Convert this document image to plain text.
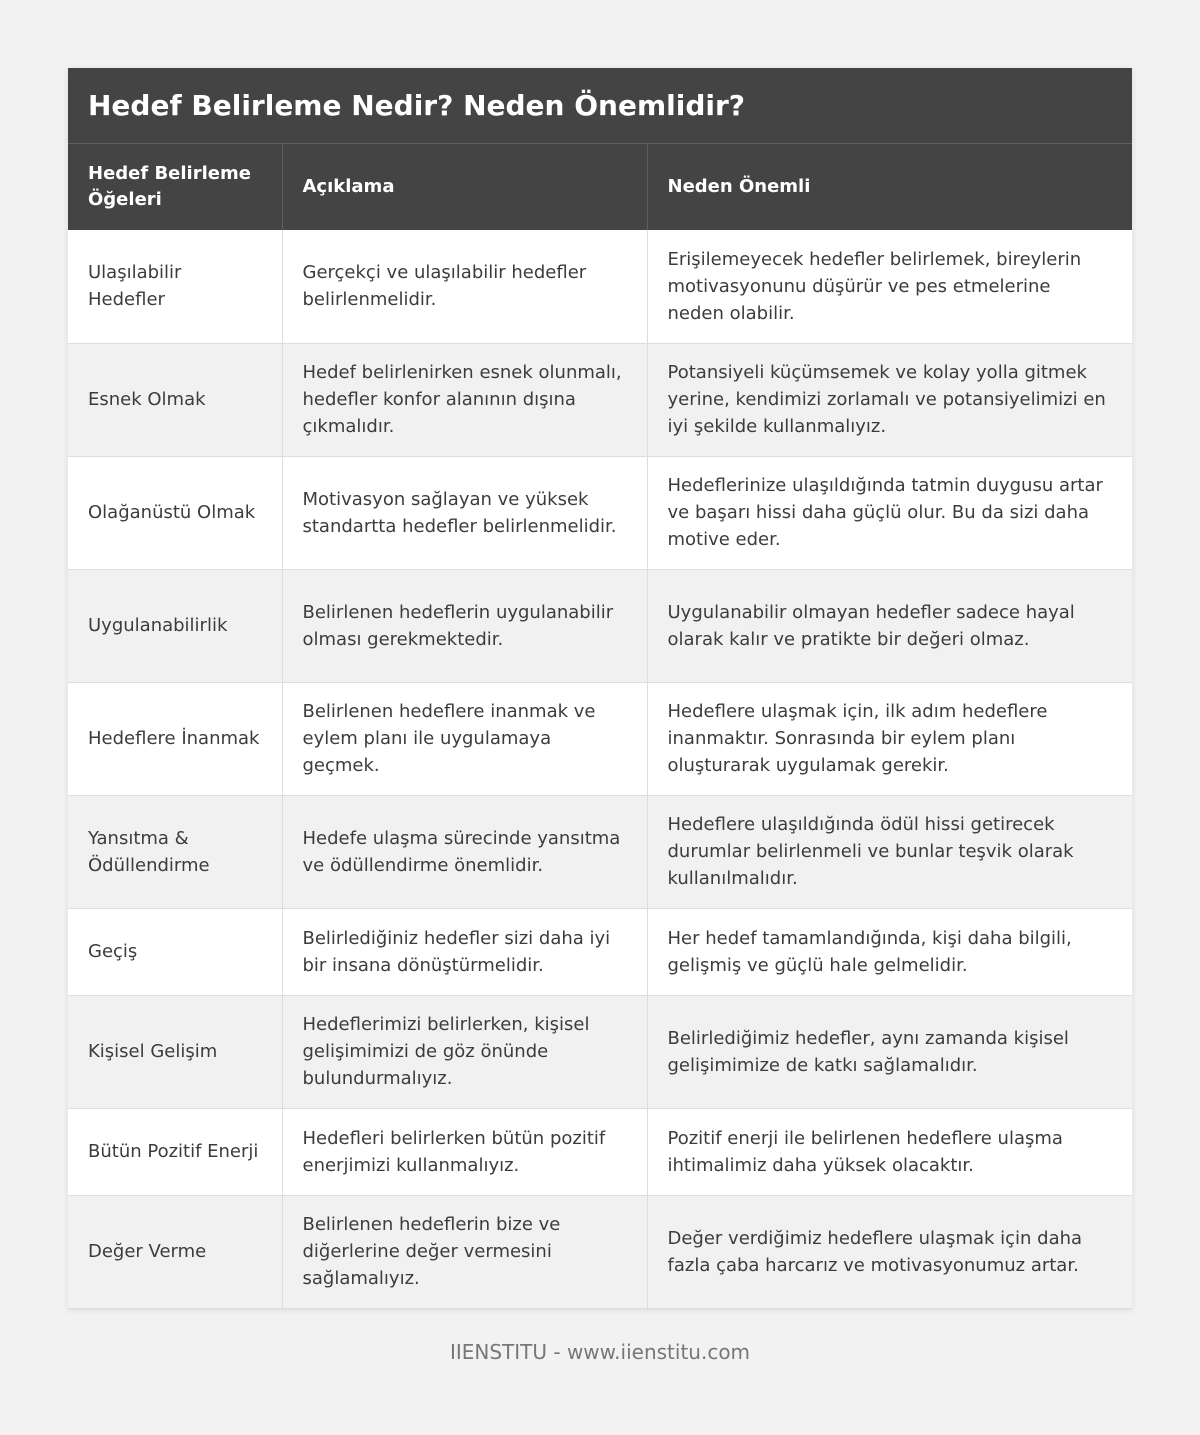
Hedef Belirleme Nedir? Neden Önemlidir?
Hedef Belirleme Öğeleri	Açıklama	Neden Önemli
Ulaşılabilir Hedefler	Gerçekçi ve ulaşılabilir hedefler belirlenmelidir.	Erişilemeyecek hedefler belirlemek, bireylerin motivasyonunu düşürür ve pes etmelerine neden olabilir.
Esnek Olmak	Hedef belirlenirken esnek olunmalı, hedefler konfor alanının dışına çıkmalıdır.	Potansiyeli küçümsemek ve kolay yolla gitmek yerine, kendimizi zorlamalı ve potansiyelimizi en iyi şekilde kullanmalıyız.
Olağanüstü Olmak	Motivasyon sağlayan ve yüksek standartta hedefler belirlenmelidir.	Hedeflerinize ulaşıldığında tatmin duygusu artar ve başarı hissi daha güçlü olur. Bu da sizi daha motive eder.
Uygulanabilirlik	Belirlenen hedeflerin uygulanabilir olması gerekmektedir.	Uygulanabilir olmayan hedefler sadece hayal olarak kalır ve pratikte bir değeri olmaz.
Hedeflere İnanmak	Belirlenen hedeflere inanmak ve eylem planı ile uygulamaya geçmek.	Hedeflere ulaşmak için, ilk adım hedeflere inanmaktır. Sonrasında bir eylem planı oluşturarak uygulamak gerekir.
Yansıtma & Ödüllendirme	Hedefe ulaşma sürecinde yansıtma ve ödüllendirme önemlidir.	Hedeflere ulaşıldığında ödül hissi getirecek durumlar belirlenmeli ve bunlar teşvik olarak kullanılmalıdır.
Geçiş	Belirlediğiniz hedefler sizi daha iyi bir insana dönüştürmelidir.	Her hedef tamamlandığında, kişi daha bilgili, gelişmiş ve güçlü hale gelmelidir.
Kişisel Gelişim	Hedeflerimizi belirlerken, kişisel gelişimimizi de göz önünde bulundurmalıyız.	Belirlediğimiz hedefler, aynı zamanda kişisel gelişimimize de katkı sağlamalıdır.
Bütün Pozitif Enerji	Hedefleri belirlerken bütün pozitif enerjimizi kullanmalıyız.	Pozitif enerji ile belirlenen hedeflere ulaşma ihtimalimiz daha yüksek olacaktır.
Değer Verme	Belirlenen hedeflerin bize ve diğerlerine değer vermesini sağlamalıyız.	Değer verdiğimiz hedeflere ulaşmak için daha fazla çaba harcarız ve motivasyonumuz artar.
IIENSTITU - www.iienstitu.com
